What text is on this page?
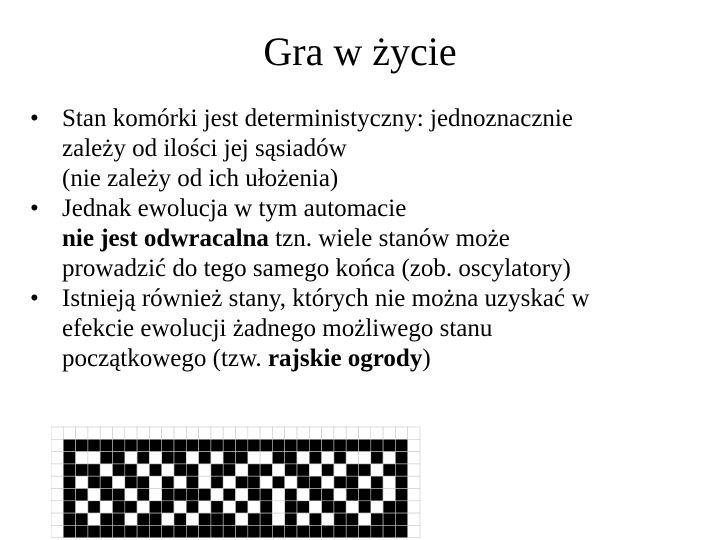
Gra w życie
• Stan komórki jest deterministyczny: jednoznacznie
zależy od ilości jej sąsiadów
(nie zależy od ich ułożenia)
• Jednak ewolucja w tym automacie
nie jest odwracalna tzn. wiele stanów może
prowadzić do tego samego końca (zob. oscylatory)
• Istnieją również stany, których nie można uzyskać w
efekcie ewolucji żadnego możliwego stanu
początkowego (tzw. rajskie ogrody)
